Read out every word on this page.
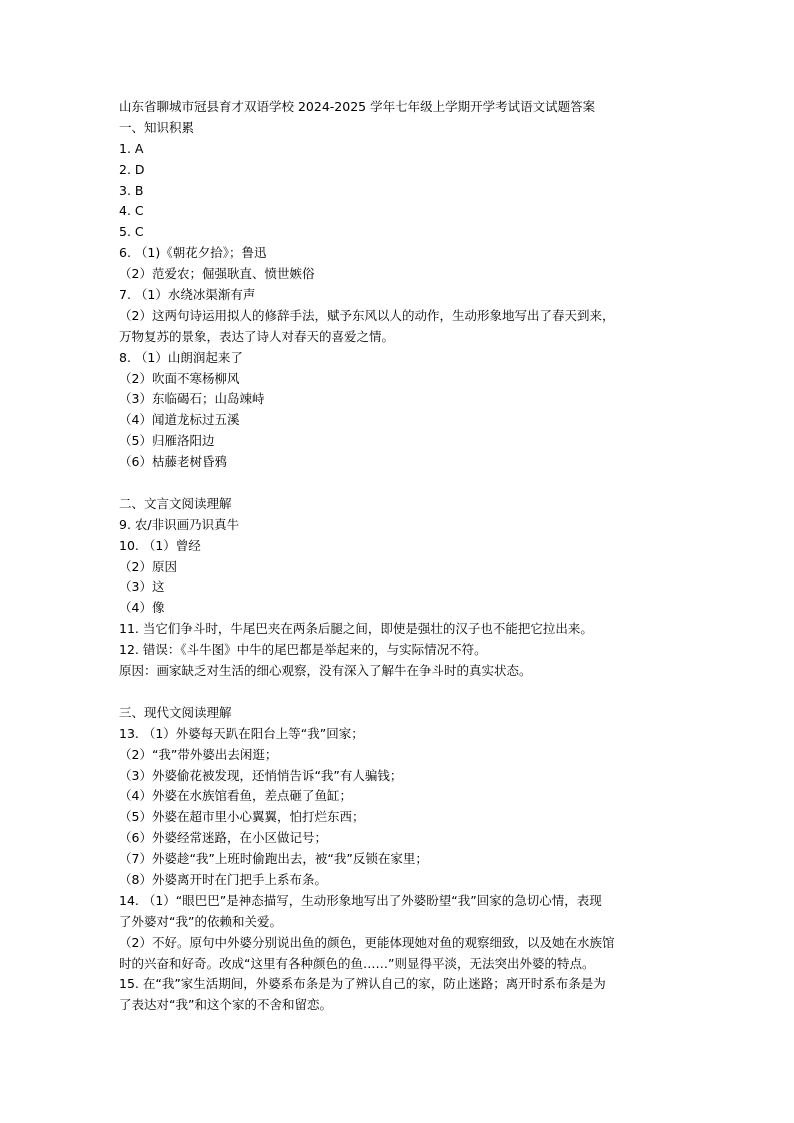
山东省聊城市冠县育才双语学校 2024-2025 学年七年级上学期开学考试语文试题答案
一、知识积累
1. A
2. D
3. B
4. C
5. C
6. （1)《朝花夕拾》；鲁迅
（2）范爱农；倔强耿直、愤世嫉俗
7. （1）水绕冰渠渐有声
（2）这两句诗运用拟人的修辞手法，赋予东风以人的动作，生动形象地写出了春天到来，
万物复苏的景象，表达了诗人对春天的喜爱之情。
8. （1）山朗润起来了
（2）吹面不寒杨柳风
（3）东临碣石；山岛竦峙
（4）闻道龙标过五溪
（5）归雁洛阳边
（6）枯藤老树昏鸦
二、文言文阅读理解
9. 农/非识画乃识真牛
10. （1）曾经
（2）原因
（3）这
（4）像
11. 当它们争斗时，牛尾巴夹在两条后腿之间，即使是强壮的汉子也不能把它拉出来。
12. 错误：《斗牛图》中牛的尾巴都是举起来的，与实际情况不符。
原因：画家缺乏对生活的细心观察，没有深入了解牛在争斗时的真实状态。
三、现代文阅读理解
13. （1）外婆每天趴在阳台上等“我”回家；
（2）“我”带外婆出去闲逛；
（3）外婆偷花被发现，还悄悄告诉“我”有人骗钱；
（4）外婆在水族馆看鱼，差点砸了鱼缸；
（5）外婆在超市里小心翼翼，怕打烂东西；
（6）外婆经常迷路，在小区做记号；
（7）外婆趁“我”上班时偷跑出去，被“我”反锁在家里；
（8）外婆离开时在门把手上系布条。
14. （1）“眼巴巴”是神态描写，生动形象地写出了外婆盼望“我”回家的急切心情，表现
了外婆对“我”的依赖和关爱。
（2）不好。原句中外婆分别说出鱼的颜色，更能体现她对鱼的观察细致，以及她在水族馆
时的兴奋和好奇。改成“这里有各种颜色的鱼……”则显得平淡，无法突出外婆的特点。
15. 在“我”家生活期间，外婆系布条是为了辨认自己的家，防止迷路；离开时系布条是为
了表达对“我”和这个家的不舍和留恋。
